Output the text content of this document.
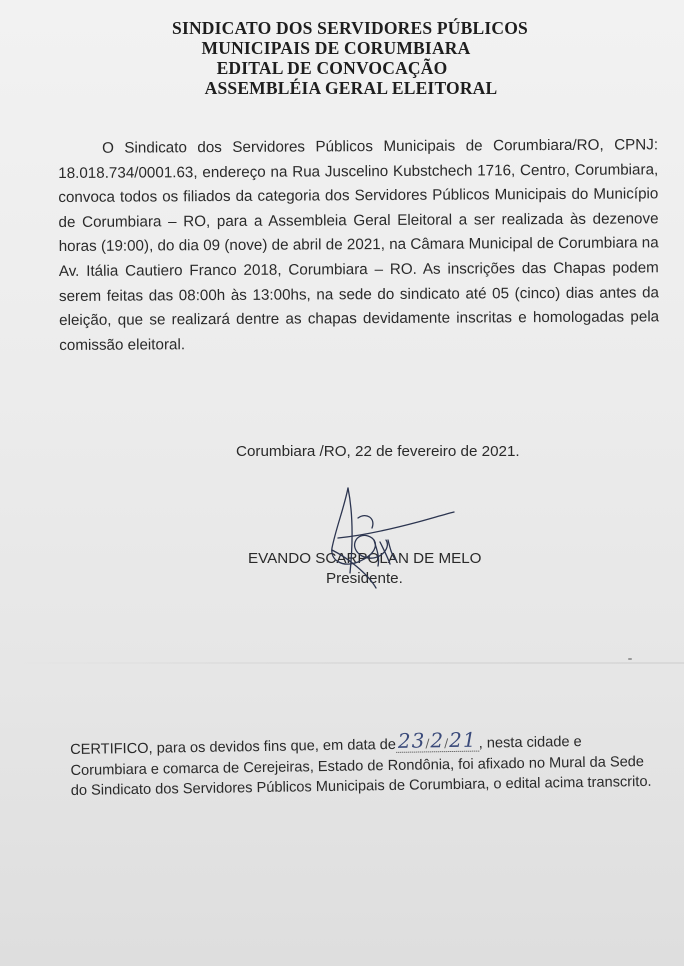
SINDICATO DOS SERVIDORES PÚBLICOS
MUNICIPAIS DE CORUMBIARA
EDITAL DE CONVOCAÇÃO
ASSEMBLÉIA GERAL ELEITORAL
O Sindicato dos Servidores Públicos Municipais de Corumbiara/RO, CPNJ: 18.018.734/0001.63, endereço na Rua Juscelino Kubstchech 1716, Centro, Corumbiara, convoca todos os filiados da categoria dos Servidores Públicos Municipais do Município de Corumbiara – RO, para a Assembleia Geral Eleitoral a ser realizada às dezenove horas (19:00), do dia 09 (nove) de abril de 2021, na Câmara Municipal de Corumbiara na Av. Itália Cautiero Franco 2018, Corumbiara – RO. As inscrições das Chapas podem serem feitas das 08:00h às 13:00hs, na sede do sindicato até 05 (cinco) dias antes da eleição, que se realizará dentre as chapas devidamente inscritas e homologadas pela comissão eleitoral.
Corumbiara /RO, 22 de fevereiro de 2021.
EVANDO SCARPOLAN DE MELO
Presidente.
CERTIFICO, para os devidos fins que, em data de23/2/21 , nesta cidade e Corumbiara e comarca de Cerejeiras, Estado de Rondônia, foi afixado no Mural da Sede do Sindicato dos Servidores Públicos Municipais de Corumbiara, o edital acima transcrito.
